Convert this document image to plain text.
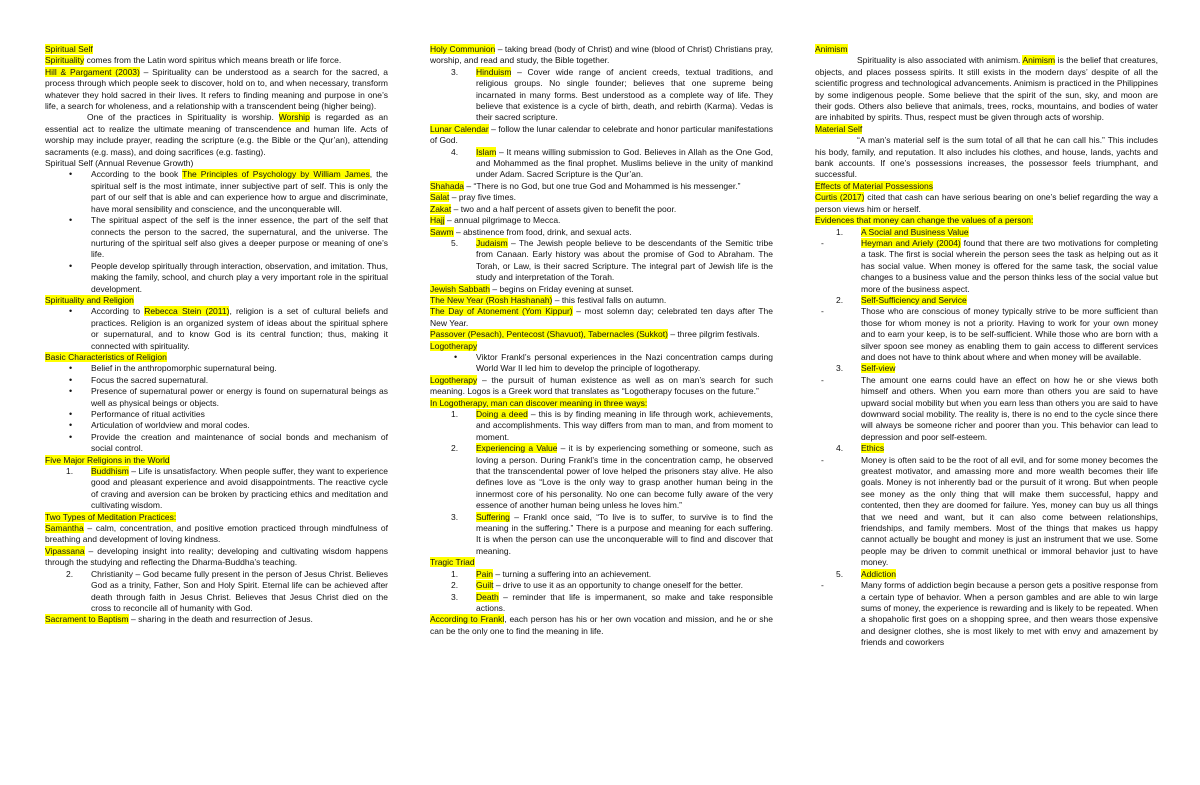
Spiritual Self

Spirituality comes from the Latin word spiritus which means breath or life force.

Hill & Pargament (2003) – Spirituality can be understood as a search for the sacred, a process through which people seek to discover, hold on to, and when necessary, transform whatever they hold sacred in their lives. It refers to finding meaning and purpose in one’s life, a search for wholeness, and a relationship with a transcendent being (higher being).

One of the practices in Spirituality is worship. Worship is regarded as an essential act to realize the ultimate meaning of transcendence and human life. Acts of worship may include prayer, reading the scripture (e.g. the Bible or the Qur’an), attending sacraments (e.g. mass), and doing sacrifices (e.g. fasting).

Spiritual Self (Annual Revenue Growth)

• According to the book The Principles of Psychology by William James, the spiritual self is the most intimate, inner subjective part of self. This is only the part of our self that is able and can experience how to argue and discriminate, have moral sensibility and conscience, and the unconquerable will.
• The spiritual aspect of the self is the inner essence, the part of the self that connects the person to the sacred, the supernatural, and the universe. The nurturing of the spiritual self also gives a deeper purpose or meaning of one’s life.
• People develop spiritually through interaction, observation, and imitation. Thus, making the family, school, and church play a very important role in the spiritual development.

Spirituality and Religion

• According to Rebecca Stein (2011), religion is a set of cultural beliefs and practices. Religion is an organized system of ideas about the spiritual sphere or supernatural, and to know God is its central function; thus, making it connected with spirituality.

Basic Characteristics of Religion

• Belief in the anthropomorphic supernatural being.
• Focus the sacred supernatural.
• Presence of supernatural power or energy is found on supernatural beings as well as physical beings or objects.
• Performance of ritual activities
• Articulation of worldview and moral codes.
• Provide the creation and maintenance of social bonds and mechanism of social control.

Five Major Religions in the World

1. Buddhism – Life is unsatisfactory. When people suffer, they want to experience good and pleasant experience and avoid disappointments. The reactive cycle of craving and aversion can be broken by practicing ethics and meditation and cultivating wisdom.

Two Types of Meditation Practices:

Samantha – calm, concentration, and positive emotion practiced through mindfulness of breathing and development of loving kindness.

Vipassana – developing insight into reality; developing and cultivating wisdom happens through the studying and reflecting the Dharma-Buddha’s teaching.

2. Christianity – God became fully present in the person of Jesus Christ. Believes God as a trinity, Father, Son and Holy Spirit. Eternal life can be achieved after death through faith in Jesus Christ. Believes that Jesus Christ died on the cross to reconcile all of humanity with God.

Sacrament to Baptism – sharing in the death and resurrection of Jesus.

Holy Communion – taking bread (body of Christ) and wine (blood of Christ) Christians pray, worship, and read and study, the Bible together.

3. Hinduism – Cover wide range of ancient creeds, textual traditions, and religious groups. No single founder; believes that one supreme being incarnated in many forms. Best understood as a complete way of life. They believe that existence is a cycle of birth, death, and rebirth (Karma). Vedas is their sacred scripture.

Lunar Calendar – follow the lunar calendar to celebrate and honor particular manifestations of God.

4. Islam – It means willing submission to God. Believes in Allah as the One God, and Mohammed as the final prophet. Muslims believe in the unity of mankind under Adam. Sacred Scripture is the Qur’an.

Shahada – “There is no God, but one true God and Mohammed is his messenger.”

Salat – pray five times.

Zakat – two and a half percent of assets given to benefit the poor.

Hajj – annual pilgrimage to Mecca.

Sawm – abstinence from food, drink, and sexual acts.

5. Judaism – The Jewish people believe to be descendants of the Semitic tribe from Canaan. Early history was about the promise of God to Abraham. The Torah, or Law, is their sacred Scripture. The integral part of Jewish life is the study and interpretation of the Torah.

Jewish Sabbath – begins on Friday evening at sunset.

The New Year (Rosh Hashanah) – this festival falls on autumn.

The Day of Atonement (Yom Kippur) – most solemn day; celebrated ten days after The New Year.

Passover (Pesach), Pentecost (Shavuot), Tabernacles (Sukkot) – three pilgrim festivals.

Logotherapy

• Viktor Frankl’s personal experiences in the Nazi concentration camps during World War II led him to develop the principle of logotherapy.

Logotherapy – the pursuit of human existence as well as on man’s search for such meaning. Logos is a Greek word that translates as “Logotherapy focuses on the future.”

In Logotherapy, man can discover meaning in three ways:

1. Doing a deed – this is by finding meaning in life through work, achievements, and accomplishments. This way differs from man to man, and from moment to moment.
2. Experiencing a Value – it is by experiencing something or someone, such as loving a person. During Frankl’s time in the concentration camp, he observed that the transcendental power of love helped the prisoners stay alive. He also defines love as “Love is the only way to grasp another human being in the innermost core of his personality. No one can become fully aware of the very essence of another human being unless he loves him.”
3. Suffering – Frankl once said, “To live is to suffer, to survive is to find the meaning in the suffering.” There is a purpose and meaning for each suffering. It is when the person can use the unconquerable will to find and discover that meaning.

Tragic Triad

1. Pain – turning a suffering into an achievement.
2. Guilt – drive to use it as an opportunity to change oneself for the better.
3. Death – reminder that life is impermanent, so make and take responsible actions.

According to Frankl, each person has his or her own vocation and mission, and he or she can be the only one to find the meaning in life.

Animism

Spirituality is also associated with animism. Animism is the belief that creatures, objects, and places possess spirits. It still exists in the modern days’ despite of all the scientific progress and technological advancements. Animism is practiced in the Philippines by some indigenous people. Some believe that the spirit of the sun, sky, and moon are their gods. Others also believe that animals, trees, rocks, mountains, and bodies of water are inhabited by spirits. Thus, respect must be given through acts of worship.

Material Self

“A man’s material self is the sum total of all that he can call his.” This includes his body, family, and reputation. It also includes his clothes, and house, lands, yachts and bank accounts. If one’s possessions increases, the possessor feels triumphant, and successful.

Effects of Material Possessions

Curtis (2017) cited that cash can have serious bearing on one’s belief regarding the way a person views him or herself.

Evidences that money can change the values of a person:

1. A Social and Business Value
- Heyman and Ariely (2004) found that there are two motivations for completing a task. The first is social wherein the person sees the task as helping out as it has social value. When money is offered for the same task, the social value changes to a business value and the person thinks less of the social value but more of the business aspect.
2. Self-Sufficiency and Service
- Those who are conscious of money typically strive to be more sufficient than those for whom money is not a priority. Having to work for your own money and to earn your keep, is to be self-sufficient. While those who are born with a silver spoon see money as enabling them to gain access to different services and does not have to think about where and when money will be available.
3. Self-view
- The amount one earns could have an effect on how he or she views both himself and others. When you earn more than others you are said to have upward social mobility but when you earn less than others you are said to have downward social mobility. The reality is, there is no end to the cycle since there will always be someone richer and poorer than you. This behavior can lead to depression and poor self-esteem.
4. Ethics
- Money is often said to be the root of all evil, and for some money becomes the greatest motivator, and amassing more and more wealth becomes their life goals. Money is not inherently bad or the pursuit of it wrong. But when people see money as the only thing that will make them successful, happy and contented, then they are doomed for failure. Yes, money can buy us all things that we need and want, but it can also come between relationships, friendships, and family members. Most of the things that makes us happy cannot actually be bought and money is just an instrument that we use. Some people may be driven to commit unethical or immoral behavior just to have money.
5. Addiction
- Many forms of addiction begin because a person gets a positive response from a certain type of behavior. When a person gambles and are able to win large sums of money, the experience is rewarding and is likely to be repeated. When a shopaholic first goes on a shopping spree, and then wears those expensive and designer clothes, she is most likely to met with envy and amazement by friends and coworkers
